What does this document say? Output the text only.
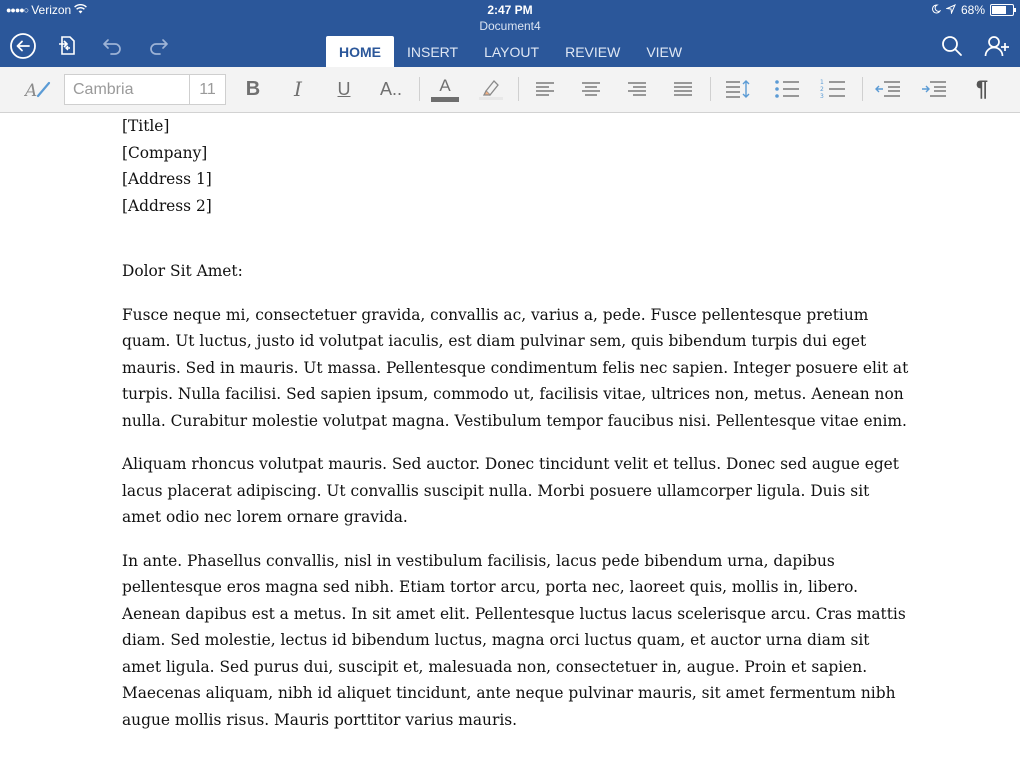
●●●●○ Verizon	2:47 PM
Document4
68%
HOME	INSERT	LAYOUT	REVIEW	VIEW
A	Cambria	11	B	I	U	A..	A	1
2
3	¶
[Title]
[Company]
[Address 1]
[Address 2]

Dolor Sit Amet:

Fusce neque mi, consectetuer gravida, convallis ac, varius a, pede. Fusce pellentesque pretium quam. Ut luctus, justo id volutpat iaculis, est diam pulvinar sem, quis bibendum turpis dui eget mauris. Sed in mauris. Ut massa. Pellentesque condimentum felis nec sapien. Integer posuere elit at turpis. Nulla facilisi. Sed sapien ipsum, commodo ut, facilisis vitae, ultrices non, metus. Aenean non nulla. Curabitur molestie volutpat magna. Vestibulum tempor faucibus nisi. Pellentesque vitae enim.

Aliquam rhoncus volutpat mauris. Sed auctor. Donec tincidunt velit et tellus. Donec sed augue eget lacus placerat adipiscing. Ut convallis suscipit nulla. Morbi posuere ullamcorper ligula. Duis sit amet odio nec lorem ornare gravida.

In ante. Phasellus convallis, nisl in vestibulum facilisis, lacus pede bibendum urna, dapibus pellentesque eros magna sed nibh. Etiam tortor arcu, porta nec, laoreet quis, mollis in, libero. Aenean dapibus est a metus. In sit amet elit. Pellentesque luctus lacus scelerisque arcu. Cras mattis diam. Sed molestie, lectus id bibendum luctus, magna orci luctus quam, et auctor urna diam sit amet ligula. Sed purus dui, suscipit et, malesuada non, consectetuer in, augue. Proin et sapien. Maecenas aliquam, nibh id aliquet tincidunt, ante neque pulvinar mauris, sit amet fermentum nibh augue mollis risus. Mauris porttitor varius mauris.
